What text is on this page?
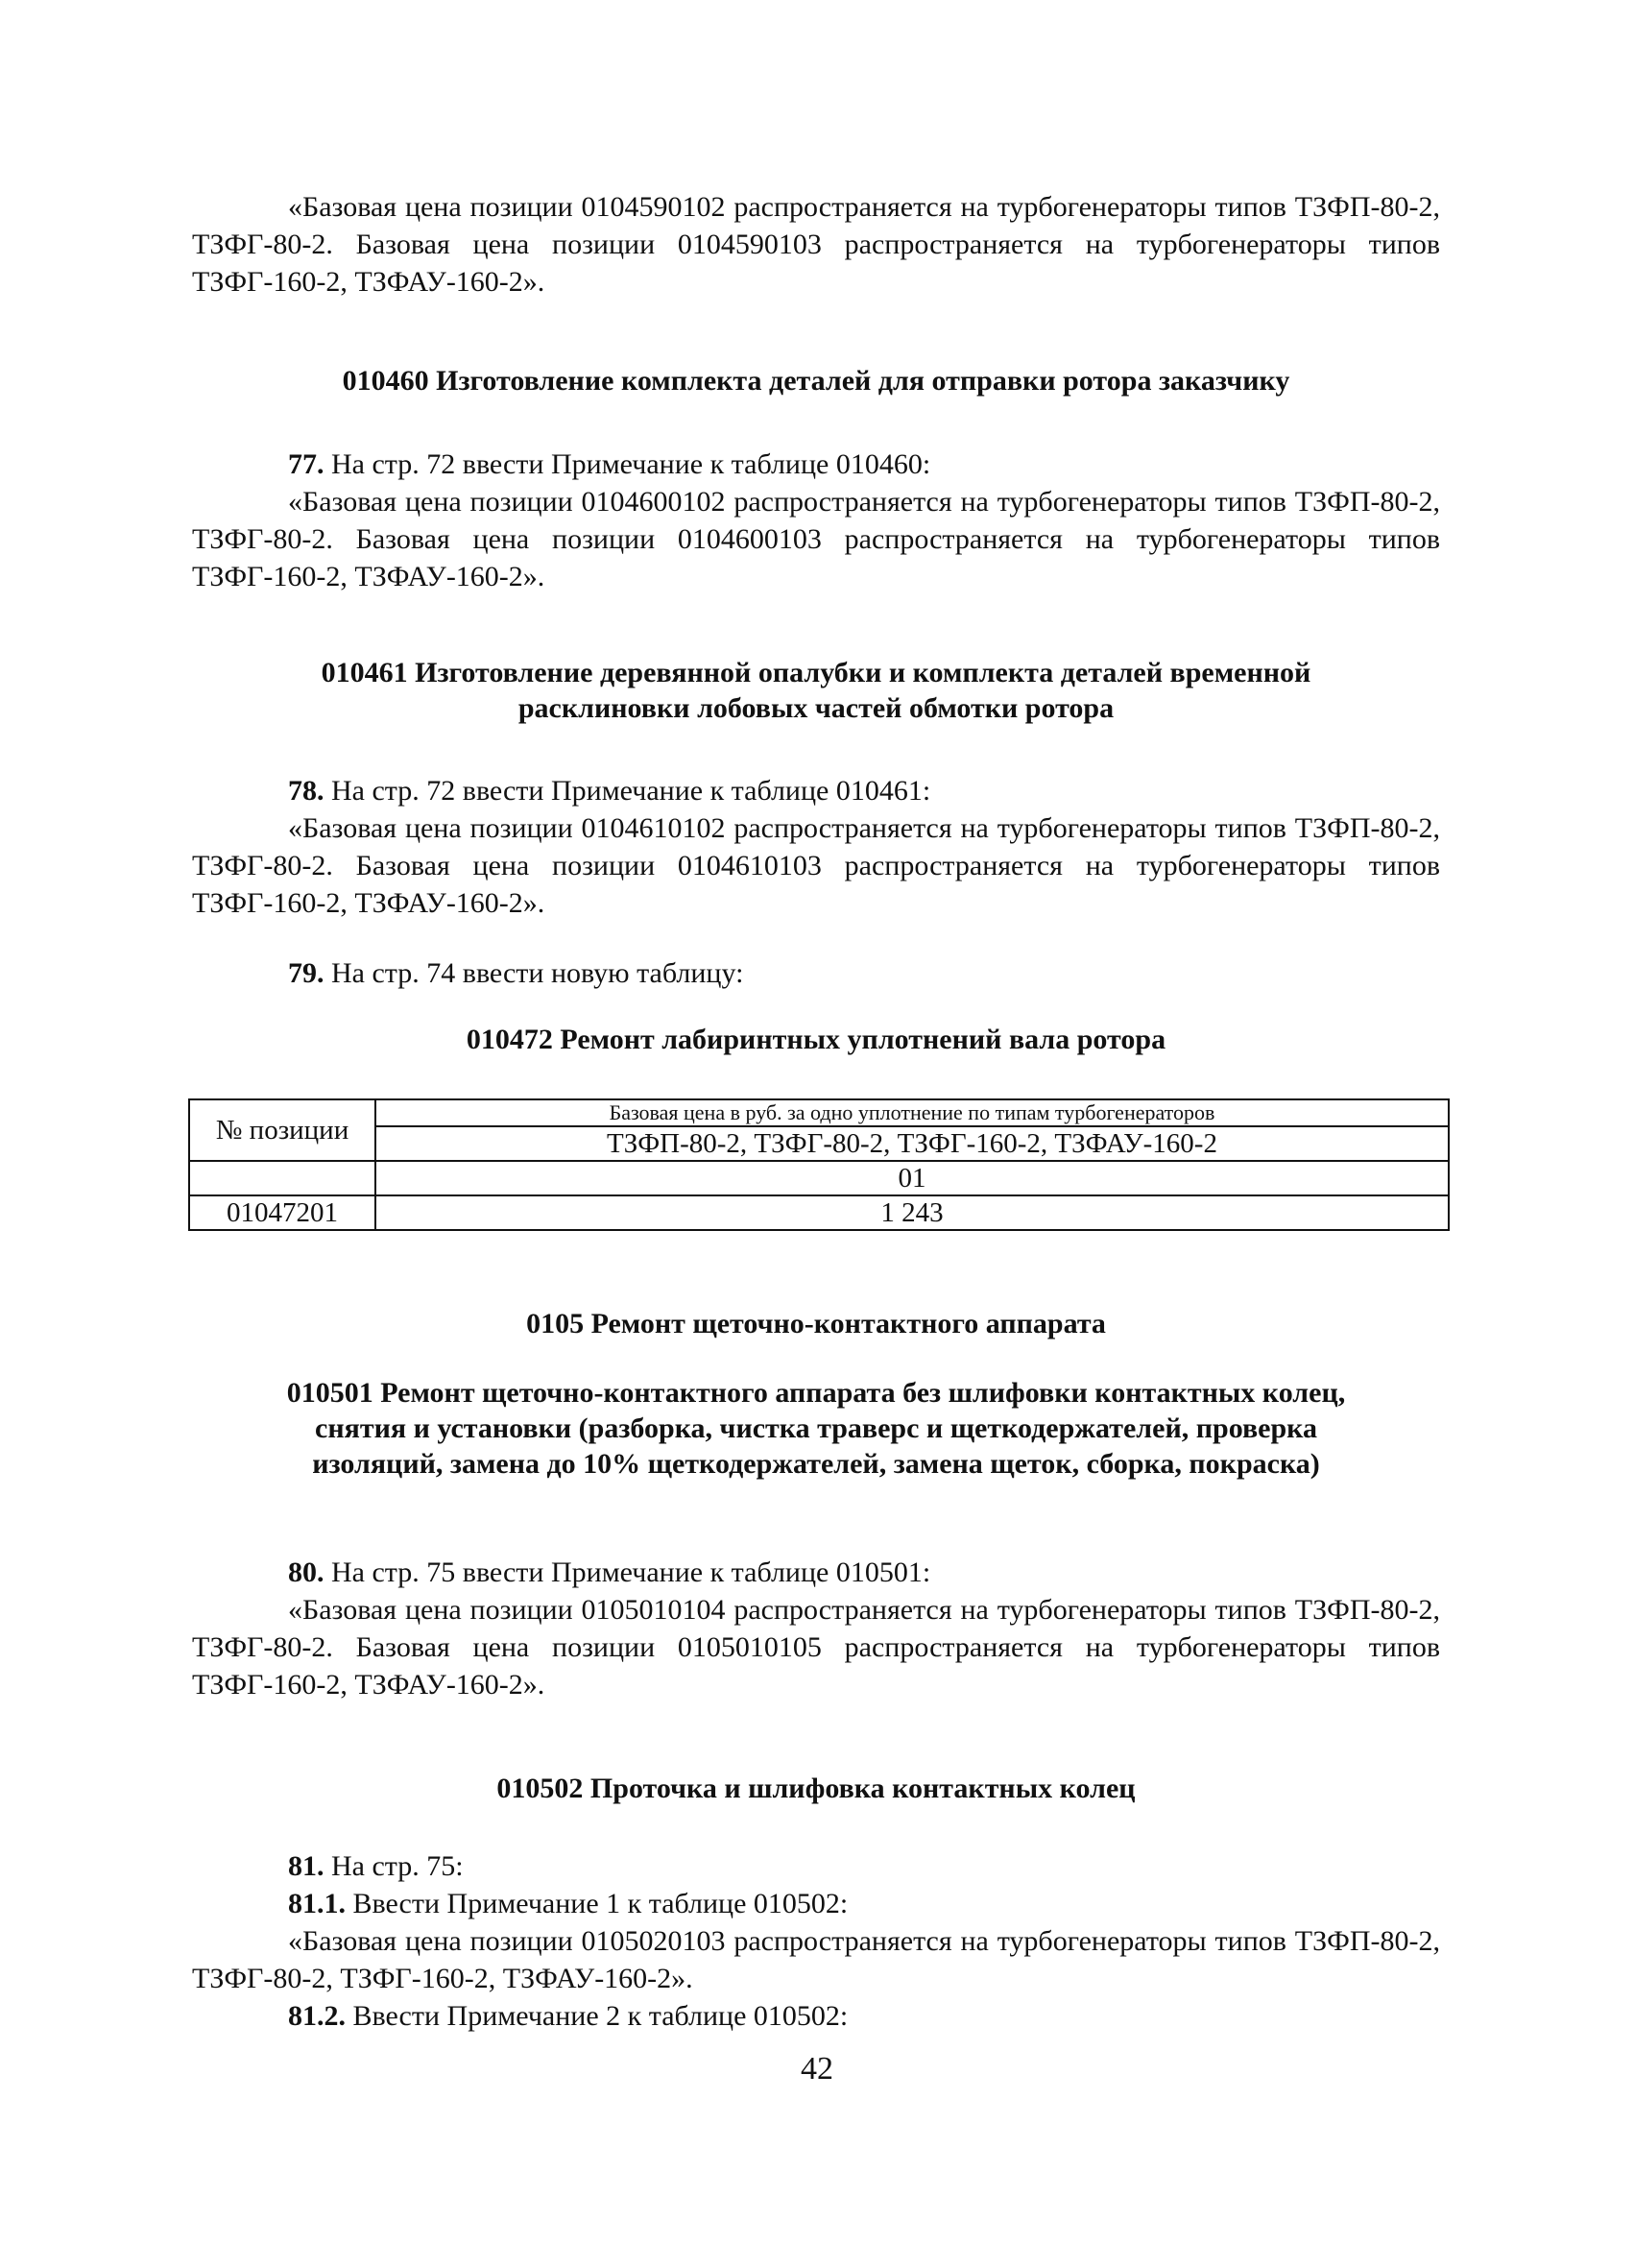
«Базовая цена позиции 0104590102 распространяется на турбогенераторы типов ТЗФП-80-2, ТЗФГ-80-2. Базовая цена позиции 0104590103 распространяется на турбогенераторы типов ТЗФГ-160-2, ТЗФАУ-160-2».

010460 Изготовление комплекта деталей для отправки ротора заказчику

77. На стр. 72 ввести Примечание к таблице 010460:

«Базовая цена позиции 0104600102 распространяется на турбогенераторы типов ТЗФП-80-2, ТЗФГ-80-2. Базовая цена позиции 0104600103 распространяется на турбогенераторы типов ТЗФГ-160-2, ТЗФАУ-160-2».

010461 Изготовление деревянной опалубки и комплекта деталей временной

расклиновки лобовых частей обмотки ротора

78. На стр. 72 ввести Примечание к таблице 010461:

«Базовая цена позиции 0104610102 распространяется на турбогенераторы типов ТЗФП-80-2, ТЗФГ-80-2. Базовая цена позиции 0104610103 распространяется на турбогенераторы типов ТЗФГ-160-2, ТЗФАУ-160-2».

79. На стр. 74 ввести новую таблицу:

010472 Ремонт лабиринтных уплотнений вала ротора

№ позиции	Базовая цена в руб. за одно уплотнение по типам турбогенераторов
	ТЗФП-80-2, ТЗФГ-80-2, ТЗФГ-160-2, ТЗФАУ-160-2
	01
01047201	1 243

0105 Ремонт щеточно-контактного аппарата

010501 Ремонт щеточно-контактного аппарата без шлифовки контактных колец,

снятия и установки (разборка, чистка траверс и щеткодержателей, проверка

изоляций, замена до 10% щеткодержателей, замена щеток, сборка, покраска)

80. На стр. 75 ввести Примечание к таблице 010501:

«Базовая цена позиции 0105010104 распространяется на турбогенераторы типов ТЗФП-80-2, ТЗФГ-80-2. Базовая цена позиции 0105010105 распространяется на турбогенераторы типов ТЗФГ-160-2, ТЗФАУ-160-2».

010502 Проточка и шлифовка контактных колец

81. На стр. 75:

81.1. Ввести Примечание 1 к таблице 010502:

«Базовая цена позиции 0105020103 распространяется на турбогенераторы типов ТЗФП-80-2, ТЗФГ-80-2, ТЗФГ-160-2, ТЗФАУ-160-2».

81.2. Ввести Примечание 2 к таблице 010502:

42
